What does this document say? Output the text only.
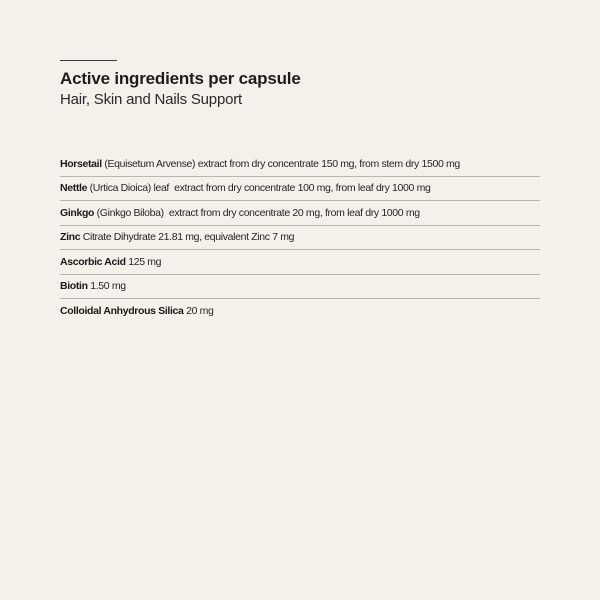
Active ingredients per capsule
Hair, Skin and Nails Support
Horsetail (Equisetum Arvense) extract from dry concentrate 150 mg, from stem dry 1500 mg
Nettle (Urtica Dioica) leaf  extract from dry concentrate 100 mg, from leaf dry 1000 mg
Ginkgo (Ginkgo Biloba)  extract from dry concentrate 20 mg, from leaf dry 1000 mg
Zinc Citrate Dihydrate 21.81 mg, equivalent Zinc 7 mg
Ascorbic Acid 125 mg
Biotin 1.50 mg
Colloidal Anhydrous Silica 20 mg
